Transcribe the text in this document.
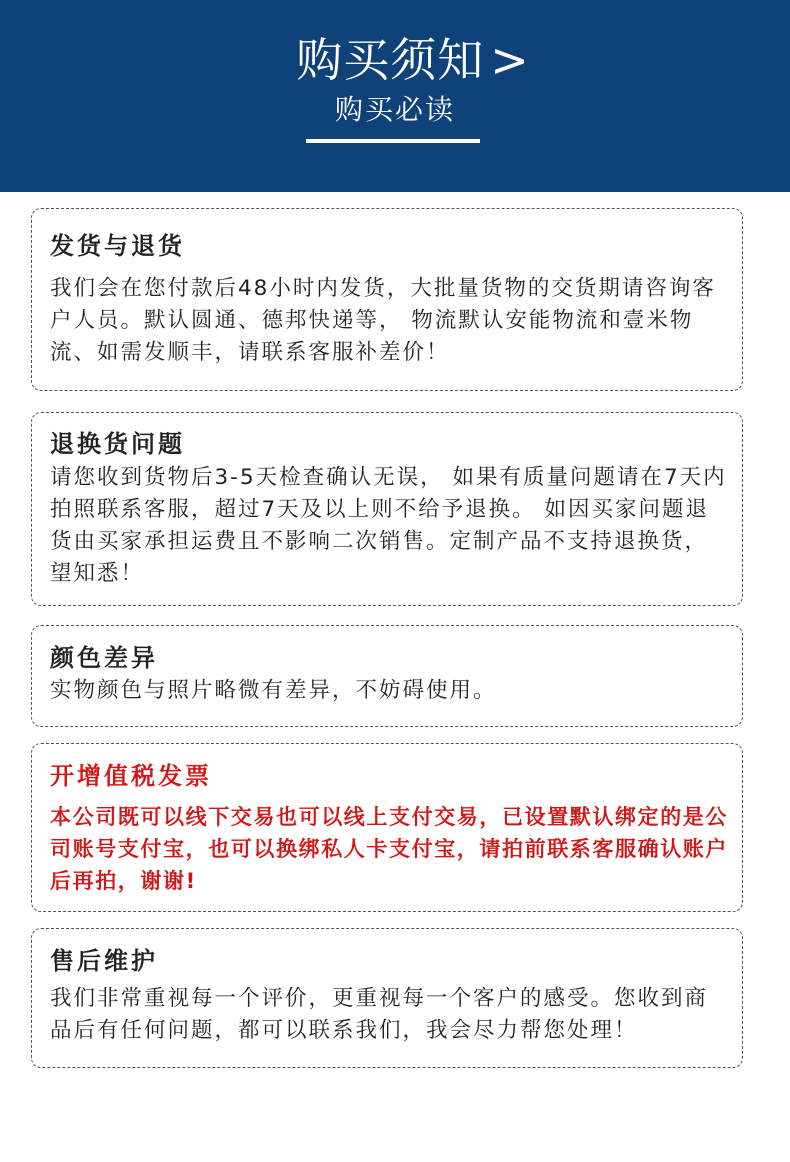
购买须知 >
购买必读
发货与退货

我们会在您付款后48小时内发货，大批量货物的交货期请咨询客户人员。默认圆通、德邦快递等， 物流默认安能物流和壹米物流、如需发顺丰，请联系客服补差价！

退换货问题

请您收到货物后3-5天检查确认无误， 如果有质量问题请在7天内拍照联系客服，超过7天及以上则不给予退换。 如因买家问题退货由买家承担运费且不影响二次销售。定制产品不支持退换货，望知悉！

颜色差异

实物颜色与照片略微有差异，不妨碍使用。

开增值税发票

本公司既可以线下交易也可以线上支付交易，已设置默认绑定的是公司账号支付宝，也可以换绑私人卡支付宝，请拍前联系客服确认账户后再拍，谢谢!

售后维护

我们非常重视每一个评价，更重视每一个客户的感受。您收到商品后有任何问题，都可以联系我们，我会尽力帮您处理！
